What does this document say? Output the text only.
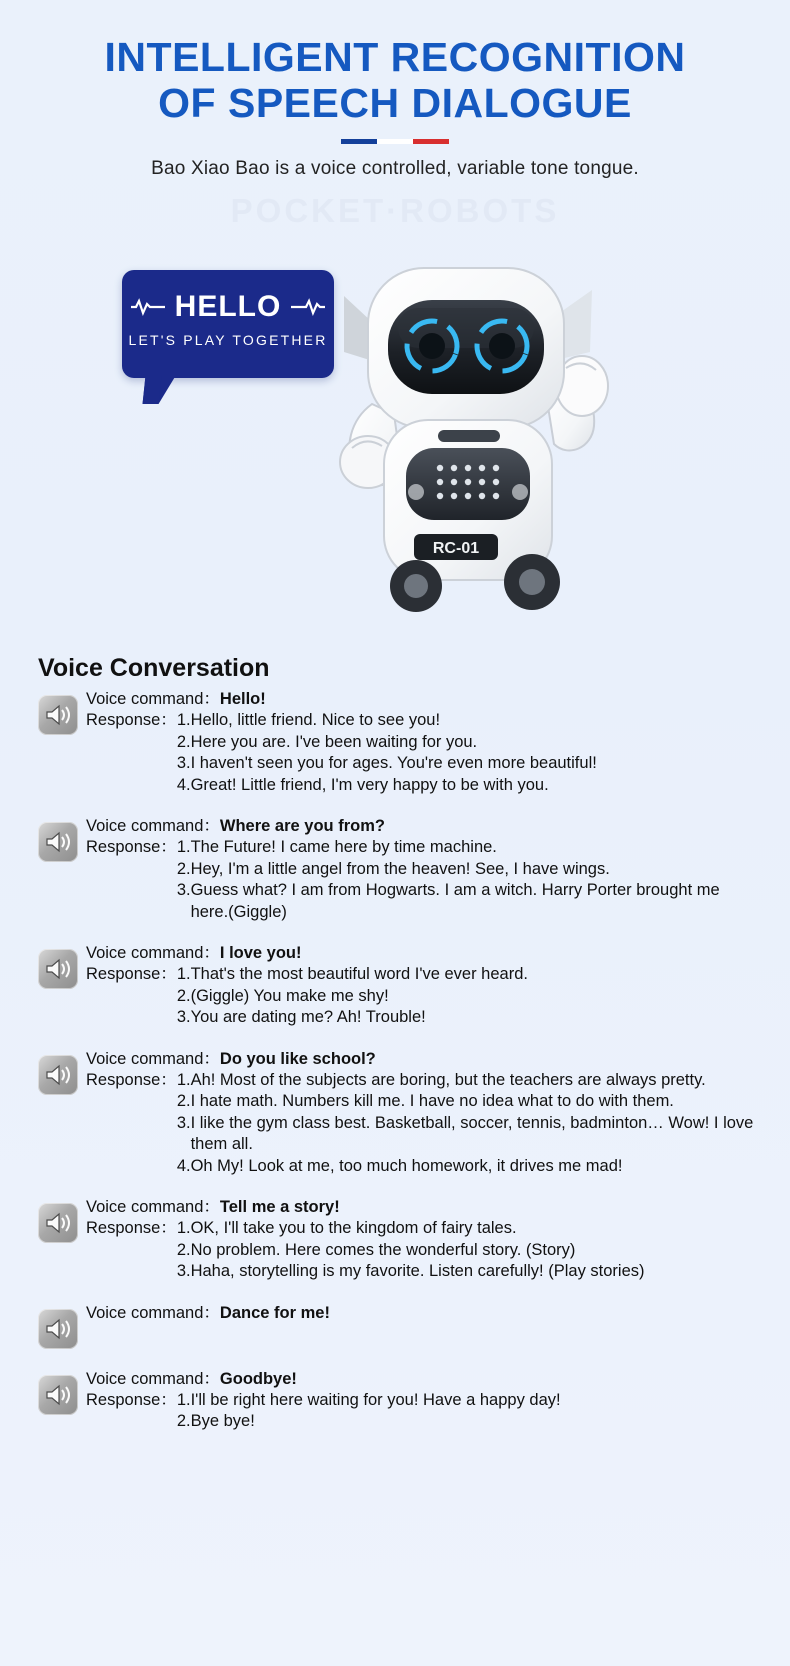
INTELLIGENT RECOGNITION
OF SPEECH DIALOGUE
Bao Xiao Bao is a voice controlled, variable tone tongue.
POCKET·ROBOTS
HELLO
LET'S PLAY TOGETHER
RC-01
Voice Conversation
Voice command：Hello!
Response： 1. Hello, little friend. Nice to see you!
2. Here you are. I've been waiting for you.
3. I haven't seen you for ages. You're even more beautiful!
4. Great! Little friend, I'm very happy to be with you.
Voice command：Where are you from?
Response： 1. The Future! I came here by time machine.
2. Hey, I'm a little angel from the heaven! See, I have wings.
3. Guess what? I am from Hogwarts. I am a witch. Harry Porter brought me here.(Giggle)
Voice command：I love you!
Response： 1. That's the most beautiful word I've ever heard.
2. (Giggle) You make me shy!
3. You are dating me? Ah! Trouble!
Voice command：Do you like school?
Response： 1. Ah! Most of the subjects are boring, but the teachers are always pretty.
2. I hate math. Numbers kill me. I have no idea what to do with them.
3. I like the gym class best. Basketball, soccer, tennis, badminton… Wow! I love them all.
4. Oh My! Look at me, too much homework, it drives me mad!
Voice command：Tell me a story!
Response： 1. OK, I'll take you to the kingdom of fairy tales.
2. No problem. Here comes the wonderful story. (Story)
3. Haha, storytelling is my favorite. Listen carefully! (Play stories)
Voice command：Dance for me!
Voice command：Goodbye!
Response： 1. I'll be right here waiting for you! Have a happy day!
2. Bye bye!
